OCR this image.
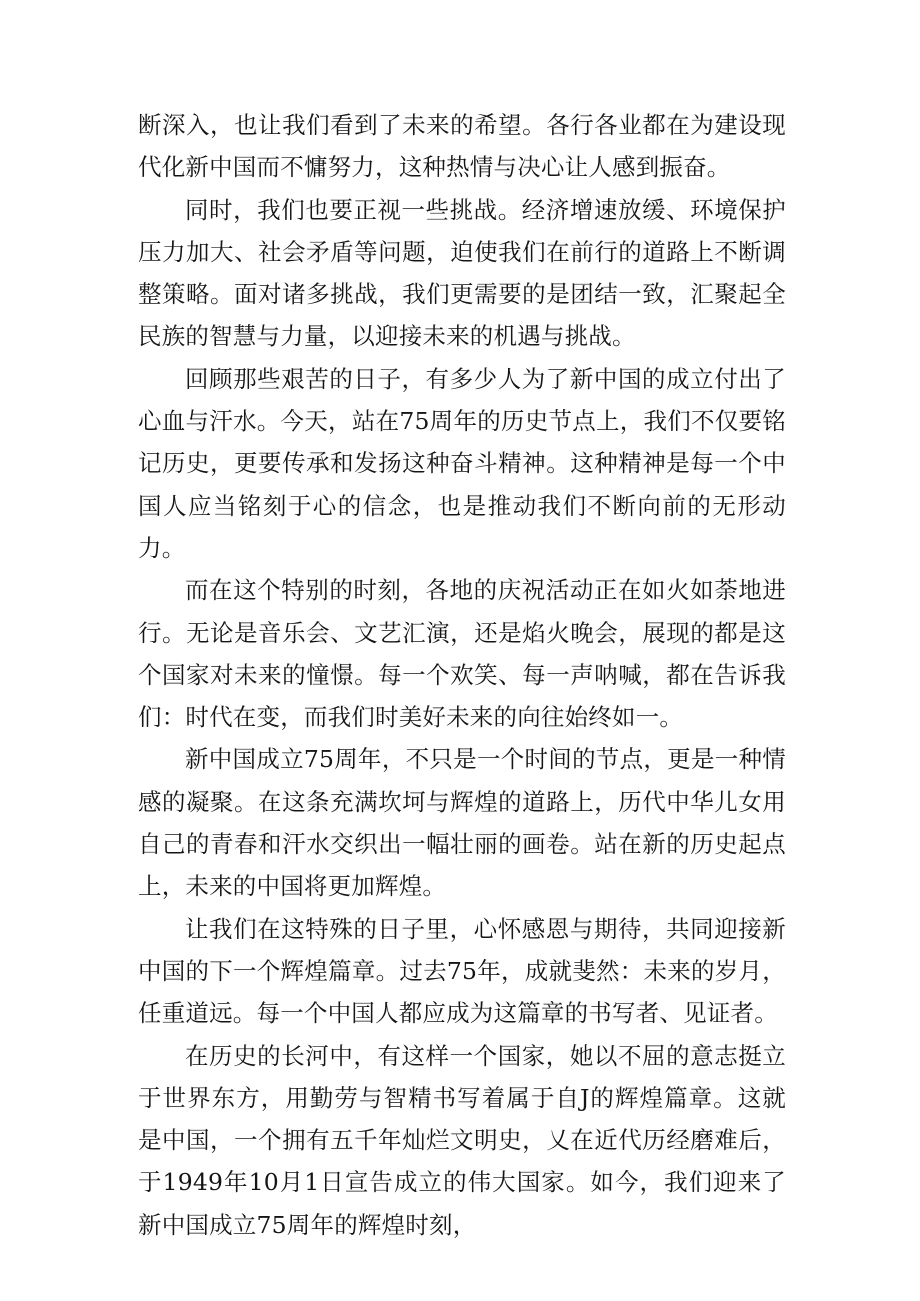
断深入，也让我们看到了未来的希望。各行各业都在为建设现代化新中国而不慵努力，这种热情与决心让人感到振奋。

同时，我们也要正视一些挑战。经济增速放缓、环境保护压力加大、社会矛盾等问题，迫使我们在前行的道路上不断调整策略。面对诸多挑战，我们更需要的是团结一致，汇聚起全民族的智慧与力量，以迎接未来的机遇与挑战。

回顾那些艰苦的日子，有多少人为了新中国的成立付出了心血与汗水。今天，站在75周年的历史节点上，我们不仅要铭记历史，更要传承和发扬这种奋斗精神。这种精神是每一个中国人应当铭刻于心的信念，也是推动我们不断向前的无形动力。

而在这个特别的时刻，各地的庆祝活动正在如火如荼地进行。无论是音乐会、文艺汇演，还是焰火晚会，展现的都是这个国家对未来的憧憬。每一个欢笑、每一声呐喊，都在告诉我们：时代在变，而我们时美好未来的向往始终如一。

新中国成立75周年，不只是一个时间的节点，更是一种情感的凝聚。在这条充满坎坷与辉煌的道路上，历代中华儿女用自己的青春和汗水交织出一幅壮丽的画卷。站在新的历史起点上，未来的中国将更加辉煌。

让我们在这特殊的日子里，心怀感恩与期待，共同迎接新中国的下一个辉煌篇章。过去75年，成就斐然：未来的岁月，任重道远。每一个中国人都应成为这篇章的书写者、见证者。

在历史的长河中，有这样一个国家，她以不屈的意志挺立于世界东方，用勤劳与智精书写着属于自J的辉煌篇章。这就是中国，一个拥有五千年灿烂文明史，乂在近代历经磨难后，于1949年10月1日宣告成立的伟大国家。如今，我们迎来了新中国成立75周年的辉煌时刻，
